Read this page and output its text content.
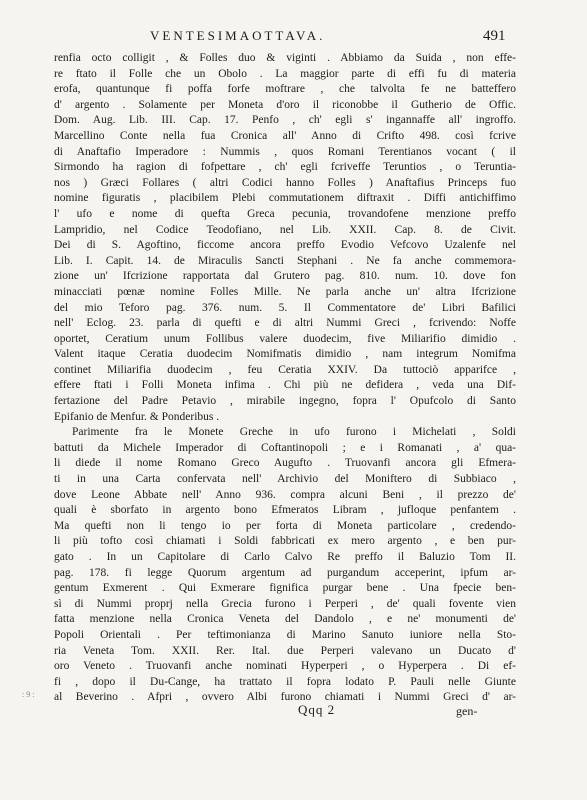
VENTESIMAOTTAVA.	491
renfia octo colligit , & Folles duo & viginti . Abbiamo da Suida , non effe-
re ftato il Folle che un Obolo . La maggior parte di effi fu di materia
erofa, quantunque fi poffa forfe moftrare , che talvolta fe ne batteffero
d' argento . Solamente per Moneta d'oro il riconobbe il Gutherio de Offic.
Dom. Aug. Lib. III. Cap. 17. Penfo , ch' egli s' ingannaffe all' ingroffo.
Marcellino Conte nella fua Cronica all' Anno di Crifto 498. così fcrive
di Anaftafio Imperadore : Nummis , quos Romani Terentianos vocant ( il
Sirmondo ha ragion di fofpettare , ch' egli fcriveffe Teruntios , o Teruntia-
nos ) Græci Follares ( altri Codici hanno Folles ) Anaftafius Princeps fuo
nomine figuratis , placibilem Plebi commutationem diftraxit . Diffi antichiffimo
l' ufo e nome di quefta Greca pecunia, trovandofene menzione preffo
Lampridio, nel Codice Teodofiano, nel Lib. XXII. Cap. 8. de Civit.
Dei di S. Agoftino, ficcome ancora preffo Evodio Vefcovo Uzalenfe nel
Lib. I. Capit. 14. de Miraculis Sancti Stephani . Ne fa anche commemora-
zione un' Ifcrizione rapportata dal Grutero pag. 810. num. 10. dove fon
minacciati pœnæ nomine Folles Mille. Ne parla anche un' altra Ifcrizione
del mio Teforo pag. 376. num. 5. Il Commentatore de' Libri Bafilici
nell' Eclog. 23. parla di quefti e di altri Nummi Greci , fcrivendo: Noffe
oportet, Ceratium unum Follibus valere duodecim, five Miliarifio dimidio .
Valent itaque Ceratia duodecim Nomifmatis dimidio , nam integrum Nomifma
continet Miliarifia duodecim , feu Ceratia XXIV. Da tuttociò apparifce ,
effere ftati i Folli Moneta infima . Chi più ne defidera , veda una Dif-
fertazione del Padre Petavio , mirabile ingegno, fopra l' Opufcolo di Santo
Epifanio de Menfur. & Ponderibus .
Parimente fra le Monete Greche in ufo furono i Michelati , Soldi
battuti da Michele Imperador di Coftantinopoli ; e i Romanati , a' qua-
li diede il nome Romano Greco Augufto . Truovanfi ancora gli Efmera-
ti in una Carta confervata nell' Archivio del Moniftero di Subbiaco ,
dove Leone Abbate nell' Anno 936. compra alcuni Beni , il prezzo de'
quali è sborfato in argento bono Efmeratos Libram , jufloque penfantem .
Ma quefti non li tengo io per forta di Moneta particolare , credendo-
li più tofto così chiamati i Soldi fabbricati ex mero argento , e ben pur-
gato . In un Capitolare di Carlo Calvo Re preffo il Baluzio Tom II.
pag. 178. fi legge Quorum argentum ad purgandum acceperint, ipfum ar-
gentum Exmerent . Qui Exmerare fignifica purgar bene . Una fpecie ben-
sì di Nummi proprj nella Grecia furono i Perperi , de' quali fovente vien
fatta menzione nella Cronica Veneta del Dandolo , e ne' monumenti de'
Popoli Orientali . Per teftimonianza di Marino Sanuto iuniore nella Sto-
ria Veneta Tom. XXII. Rer. Ital. due Perperi valevano un Ducato d'
oro Veneto . Truovanfi anche nominati Hyperperi , o Hyperpera . Di ef-
fi , dopo il Du-Cange, ha trattato il fopra lodato P. Pauli nelle Giunte
al Beverino . Afpri , ovvero Albi furono chiamati i Nummi Greci d' ar-
: 9 :
Qqq 2	gen-
